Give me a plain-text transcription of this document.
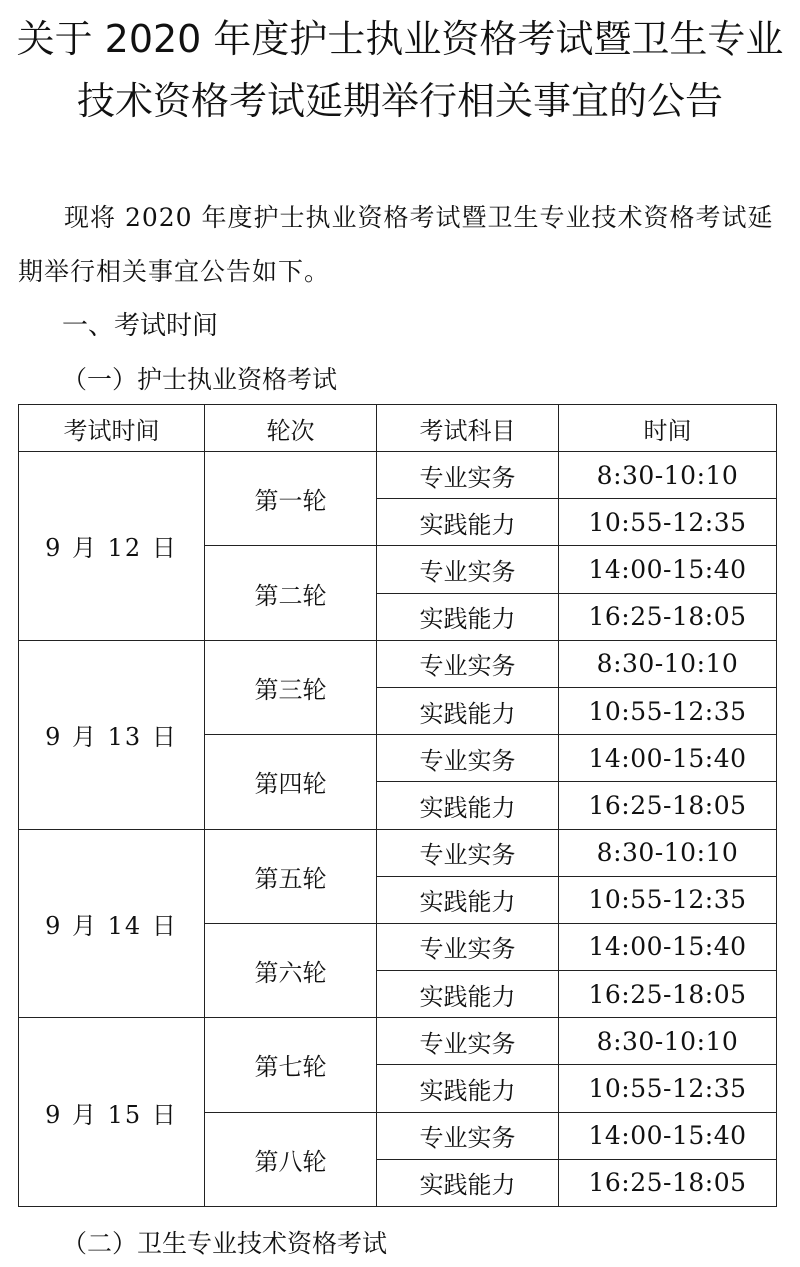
关于 2020 年度护士执业资格考试暨卫生专业
技术资格考试延期举行相关事宜的公告
现将 2020 年度护士执业资格考试暨卫生专业技术资格考试延
期举行相关事宜公告如下。
一、考试时间
（一）护士执业资格考试
考试时间	轮次	考试科目	时间
9 月 12 日	第一轮	专业实务	8:30-10:10
		实践能力	10:55-12:35
	第二轮	专业实务	14:00-15:40
		实践能力	16:25-18:05
9 月 13 日	第三轮	专业实务	8:30-10:10
		实践能力	10:55-12:35
	第四轮	专业实务	14:00-15:40
		实践能力	16:25-18:05
9 月 14 日	第五轮	专业实务	8:30-10:10
		实践能力	10:55-12:35
	第六轮	专业实务	14:00-15:40
		实践能力	16:25-18:05
9 月 15 日	第七轮	专业实务	8:30-10:10
		实践能力	10:55-12:35
	第八轮	专业实务	14:00-15:40
		实践能力	16:25-18:05
（二）卫生专业技术资格考试
